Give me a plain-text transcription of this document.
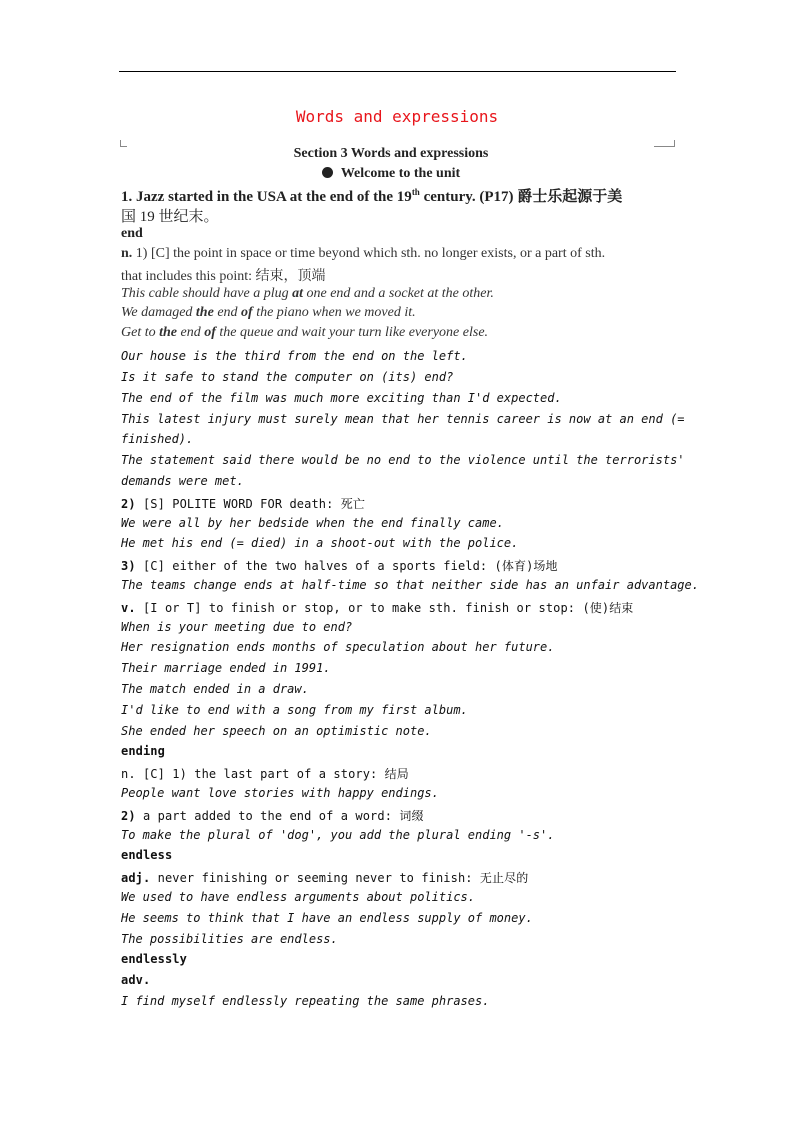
Words and expressions
Section 3 Words and expressions
Welcome to the unit
1. Jazz started in the USA at the end of the 19th century. (P17) 爵士乐起源于美
国 19 世纪末。
end
n. 1) [C] the point in space or time beyond which sth. no longer exists, or a part of sth.
that includes this point: 结束，顶端
This cable should have a plug at one end and a socket at the other.
We damaged the end of the piano when we moved it.
Get to the end of the queue and wait your turn like everyone else.
Our house is the third from the end on the left.
Is it safe to stand the computer on (its) end?
The end of the film was much more exciting than I'd expected.
This latest injury must surely mean that her tennis career is now at an end (=
finished).
The statement said there would be no end to the violence until the terrorists'
demands were met.
2) [S] POLITE WORD FOR death: 死亡
We were all by her bedside when the end finally came.
He met his end (= died) in a shoot-out with the police.
3) [C] either of the two halves of a sports field: (体育)场地
The teams change ends at half-time so that neither side has an unfair advantage.
v. [I or T] to finish or stop, or to make sth. finish or stop: (使)结束
When is your meeting due to end?
Her resignation ends months of speculation about her future.
Their marriage ended in 1991.
The match ended in a draw.
I'd like to end with a song from my first album.
She ended her speech on an optimistic note.
ending
n. [C] 1) the last part of a story: 结局
People want love stories with happy endings.
2) a part added to the end of a word: 词缀
To make the plural of 'dog', you add the plural ending '-s'.
endless
adj. never finishing or seeming never to finish: 无止尽的
We used to have endless arguments about politics.
He seems to think that I have an endless supply of money.
The possibilities are endless.
endlessly
adv.
I find myself endlessly repeating the same phrases.
